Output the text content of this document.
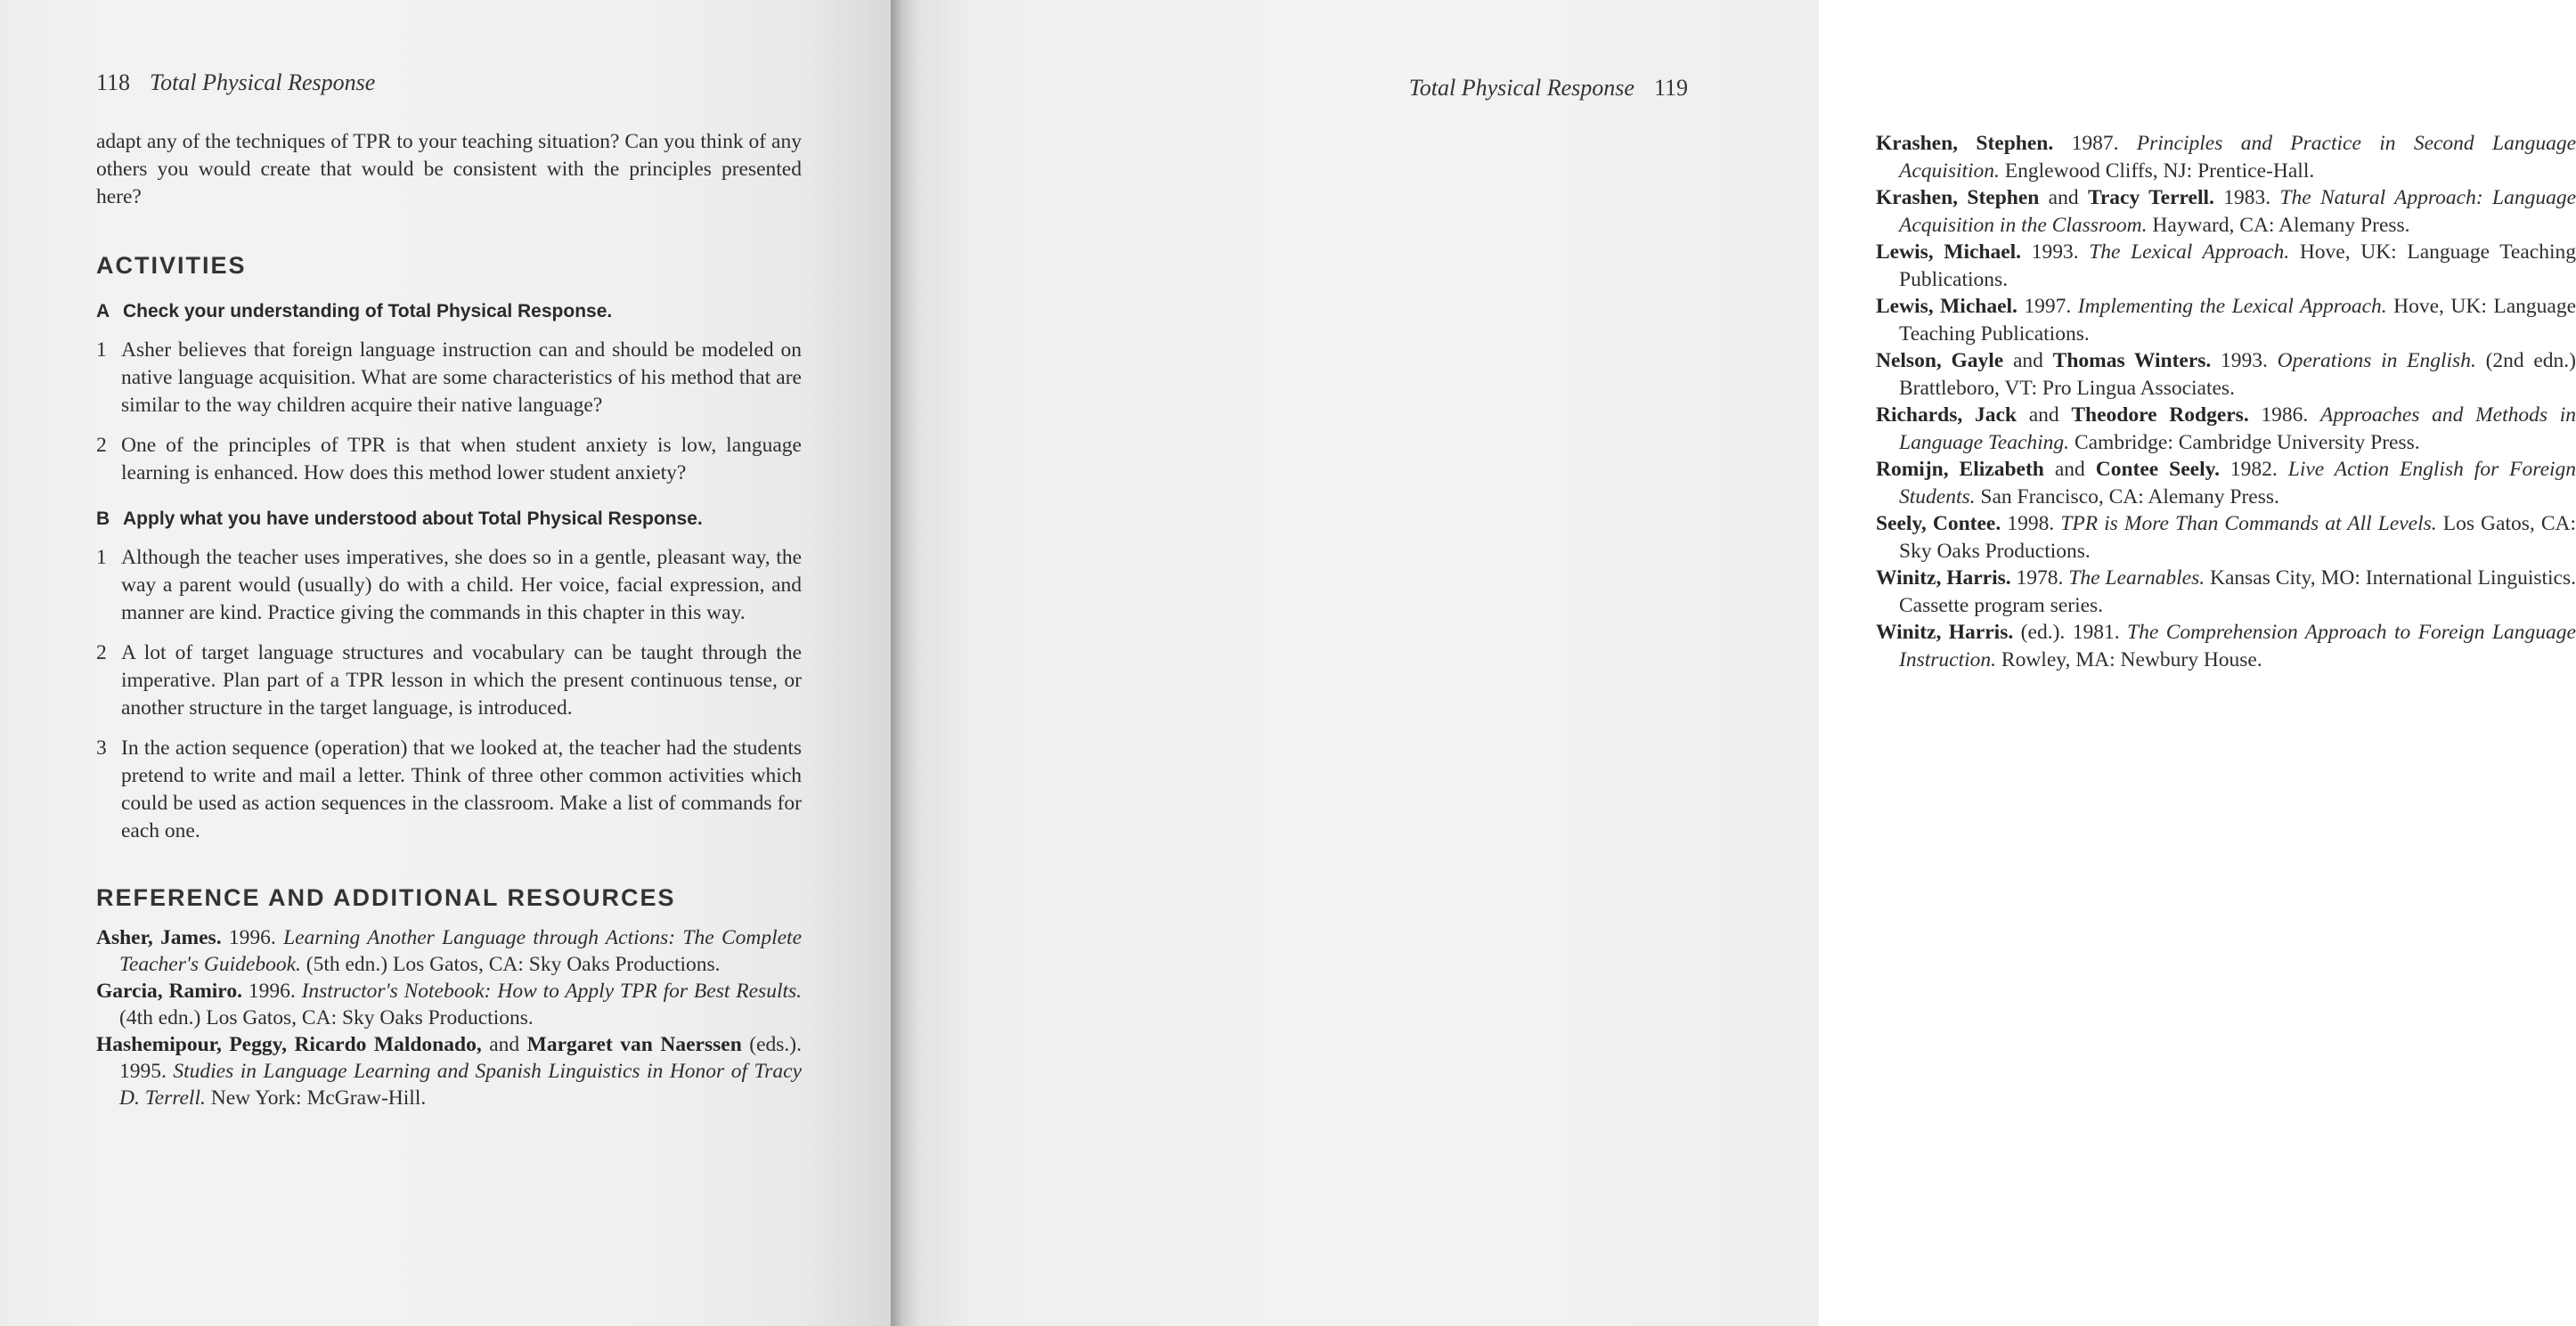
118 Total Physical Response

adapt any of the techniques of TPR to your teaching situation? Can you think of any others you would create that would be consistent with the principles presented here?

ACTIVITIES
A Check your understanding of Total Physical Response.
1 Asher believes that foreign language instruction can and should be modeled on native language acquisition. What are some characteristics of his method that are similar to the way children acquire their native language?
2 One of the principles of TPR is that when student anxiety is low, language learning is enhanced. How does this method lower student anxiety?
B Apply what you have understood about Total Physical Response.
1 Although the teacher uses imperatives, she does so in a gentle, pleasant way, the way a parent would (usually) do with a child. Her voice, facial expression, and manner are kind. Practice giving the commands in this chapter in this way.
2 A lot of target language structures and vocabulary can be taught through the imperative. Plan part of a TPR lesson in which the present continuous tense, or another structure in the target language, is introduced.
3 In the action sequence (operation) that we looked at, the teacher had the students pretend to write and mail a letter. Think of three other common activities which could be used as action sequences in the classroom. Make a list of commands for each one.
REFERENCE AND ADDITIONAL RESOURCES

Asher, James. 1996. Learning Another Language through Actions: The Complete Teacher's Guidebook. (5th edn.) Los Gatos, CA: Sky Oaks Productions.

Garcia, Ramiro. 1996. Instructor's Notebook: How to Apply TPR for Best Results. (4th edn.) Los Gatos, CA: Sky Oaks Productions.

Hashemipour, Peggy, Ricardo Maldonado, and Margaret van Naerssen (eds.). 1995. Studies in Language Learning and Spanish Linguistics in Honor of Tracy D. Terrell. New York: McGraw-Hill.

Total Physical Response 119

Krashen, Stephen. 1987. Principles and Practice in Second Language Acquisition. Englewood Cliffs, NJ: Prentice-Hall.

Krashen, Stephen and Tracy Terrell. 1983. The Natural Approach: Language Acquisition in the Classroom. Hayward, CA: Alemany Press.

Lewis, Michael. 1993. The Lexical Approach. Hove, UK: Language Teaching Publications.

Lewis, Michael. 1997. Implementing the Lexical Approach. Hove, UK: Language Teaching Publications.

Nelson, Gayle and Thomas Winters. 1993. Operations in English. (2nd edn.) Brattleboro, VT: Pro Lingua Associates.

Richards, Jack and Theodore Rodgers. 1986. Approaches and Methods in Language Teaching. Cambridge: Cambridge University Press.

Romijn, Elizabeth and Contee Seely. 1982. Live Action English for Foreign Students. San Francisco, CA: Alemany Press.

Seely, Contee. 1998. TPR is More Than Commands at All Levels. Los Gatos, CA: Sky Oaks Productions.

Winitz, Harris. 1978. The Learnables. Kansas City, MO: International Linguistics. Cassette program series.

Winitz, Harris. (ed.). 1981. The Comprehension Approach to Foreign Language Instruction. Rowley, MA: Newbury House.
